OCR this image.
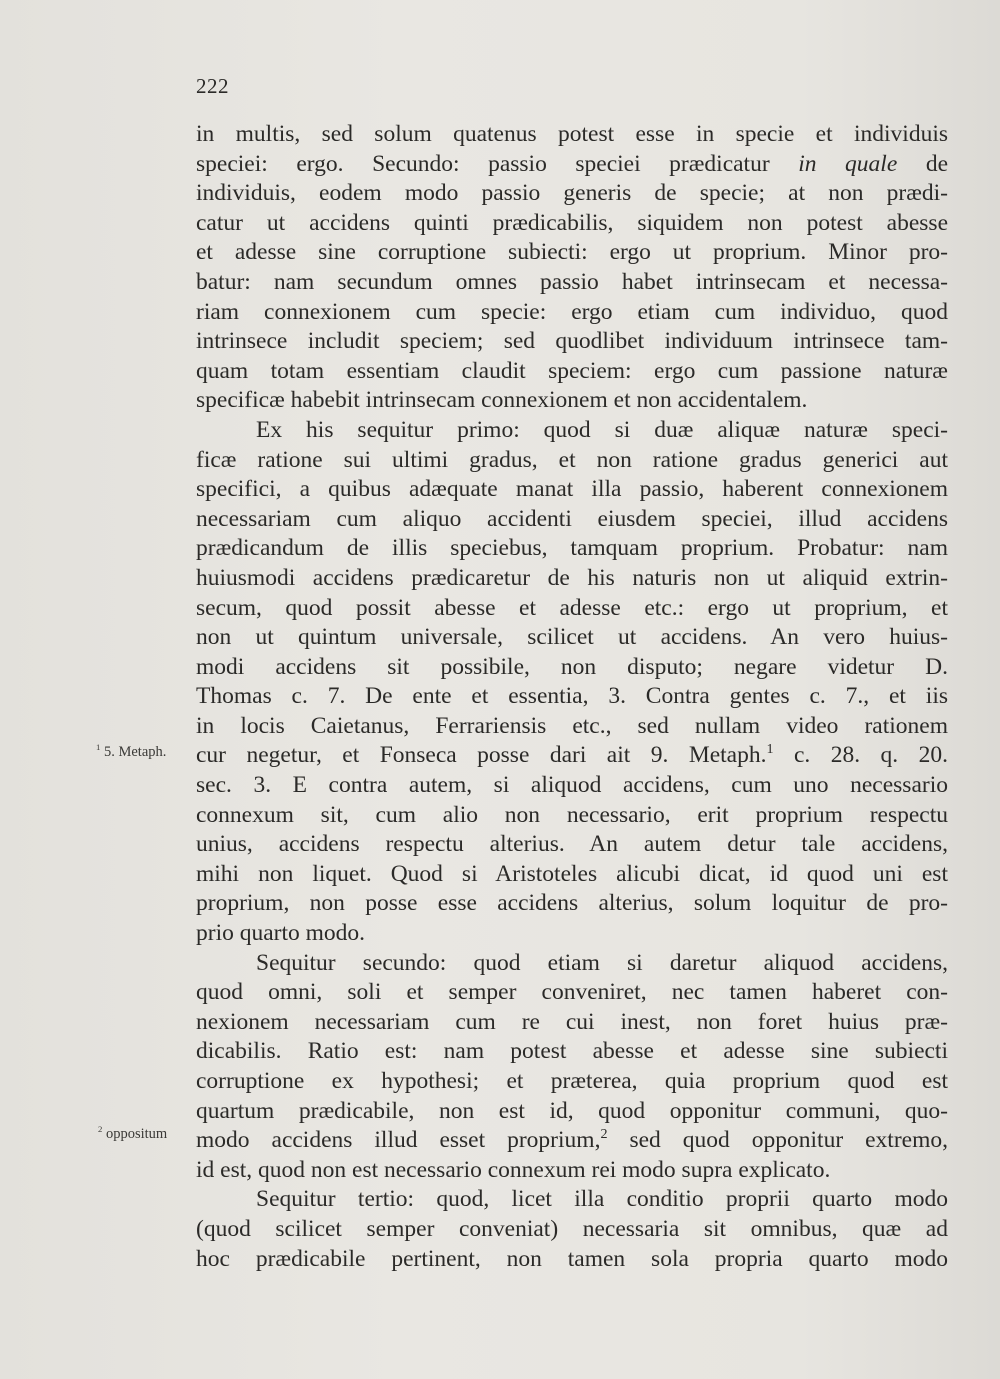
222
in multis, sed solum quatenus potest esse in specie et individuis
speciei: ergo. Secundo: passio speciei prædicatur in quale de
individuis, eodem modo passio generis de specie; at non prædi-
catur ut accidens quinti prædicabilis, siquidem non potest abesse
et adesse sine corruptione subiecti: ergo ut proprium. Minor pro-
batur: nam secundum omnes passio habet intrinsecam et necessa-
riam connexionem cum specie: ergo etiam cum individuo, quod
intrinsece includit speciem; sed quodlibet individuum intrinsece tam-
quam totam essentiam claudit speciem: ergo cum passione naturæ
specificæ habebit intrinsecam connexionem et non accidentalem.
Ex his sequitur primo: quod si duæ aliquæ naturæ speci-
ficæ ratione sui ultimi gradus, et non ratione gradus generici aut
specifici, a quibus adæquate manat illa passio, haberent connexionem
necessariam cum aliquo accidenti eiusdem speciei, illud accidens
prædicandum de illis speciebus, tamquam proprium. Probatur: nam
huiusmodi accidens prædicaretur de his naturis non ut aliquid extrin-
secum, quod possit abesse et adesse etc.: ergo ut proprium, et
non ut quintum universale, scilicet ut accidens. An vero huius-
modi accidens sit possibile, non disputo; negare videtur D.
Thomas c. 7. De ente et essentia, 3. Contra gentes c. 7., et iis
in locis Caietanus, Ferrariensis etc., sed nullam video rationem
cur negetur, et Fonseca posse dari ait 9. Metaph.$^1$ c. 28. q. 20.
sec. 3. E contra autem, si aliquod accidens, cum uno necessario
connexum sit, cum alio non necessario, erit proprium respectu
unius, accidens respectu alterius. An autem detur tale accidens,
mihi non liquet. Quod si Aristoteles alicubi dicat, id quod uni est
proprium, non posse esse accidens alterius, solum loquitur de pro-
prio quarto modo.
Sequitur secundo: quod etiam si daretur aliquod accidens,
quod omni, soli et semper conveniret, nec tamen haberet con-
nexionem necessariam cum re cui inest, non foret huius præ-
dicabilis. Ratio est: nam potest abesse et adesse sine subiecti
corruptione ex hypothesi; et præterea, quia proprium quod est
quartum prædicabile, non est id, quod opponitur communi, quo-
modo accidens illud esset proprium,$^2$ sed quod opponitur extremo,
id est, quod non est necessario connexum rei modo supra explicato.
Sequitur tertio: quod, licet illa conditio proprii quarto modo
(quod scilicet semper conveniat) necessaria sit omnibus, quæ ad
hoc prædicabile pertinent, non tamen sola propria quarto modo
$^1$ 5. Metaph.
$^2$ oppositum
